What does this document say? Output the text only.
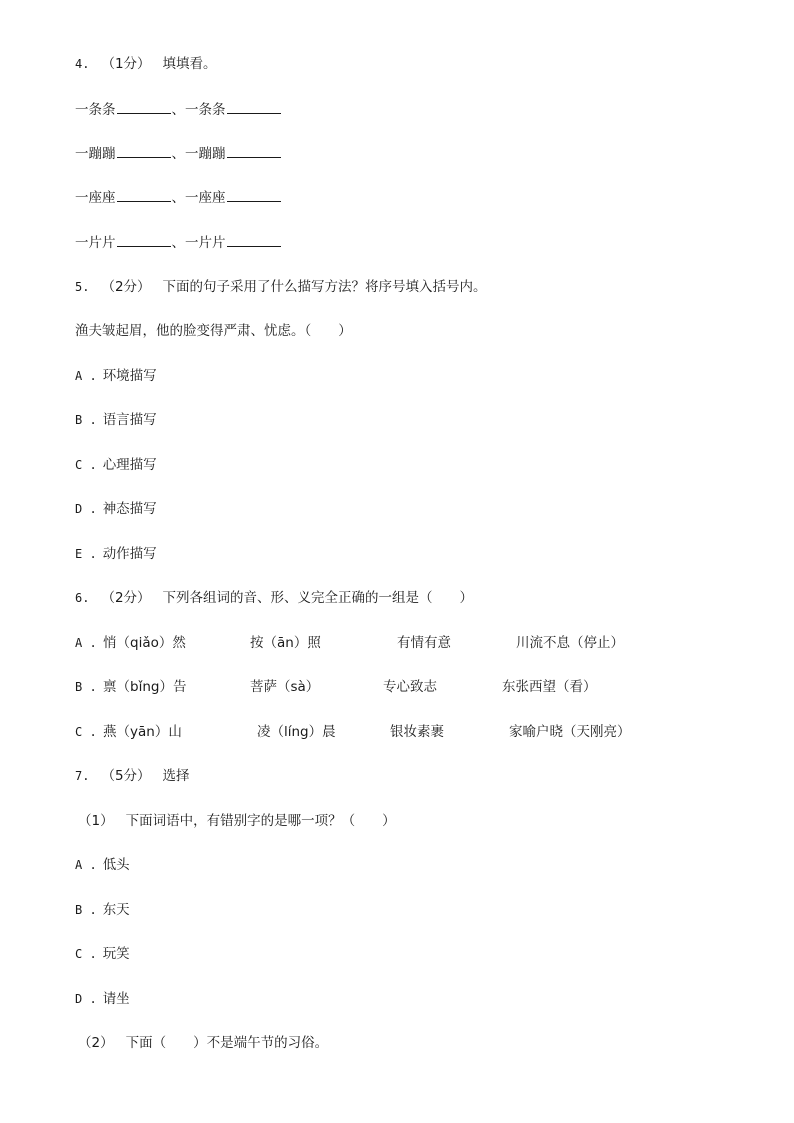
4. （1分） 填填看。
一条条	、一条条
一蹦蹦	、一蹦蹦
一座座	、一座座
一片片	、一片片
5. （2分） 下面的句子采用了什么描写方法？将序号填入括号内。
渔夫皱起眉，他的脸变得严肃、忧虑。（　　）
A . 环境描写
B . 语言描写
C . 心理描写
D . 神态描写
E . 动作描写
6. （2分） 下列各组词的音、形、义完全正确的一组是（　　）
A . 悄（qiǎo）然	按（ān）照	有情有意	川流不息（停止）
B . 禀（bǐng）告	菩萨（sà）	专心致志	东张西望（看）
C . 燕（yān）山	凌（líng）晨	银妆素裹	家喻户晓（天刚亮）
7. （5分） 选择
（1） 下面词语中，有错别字的是哪一项？（　　）
A . 低头
B . 东天
C . 玩笑
D . 请坐
（2） 下面（　　）不是端午节的习俗。
